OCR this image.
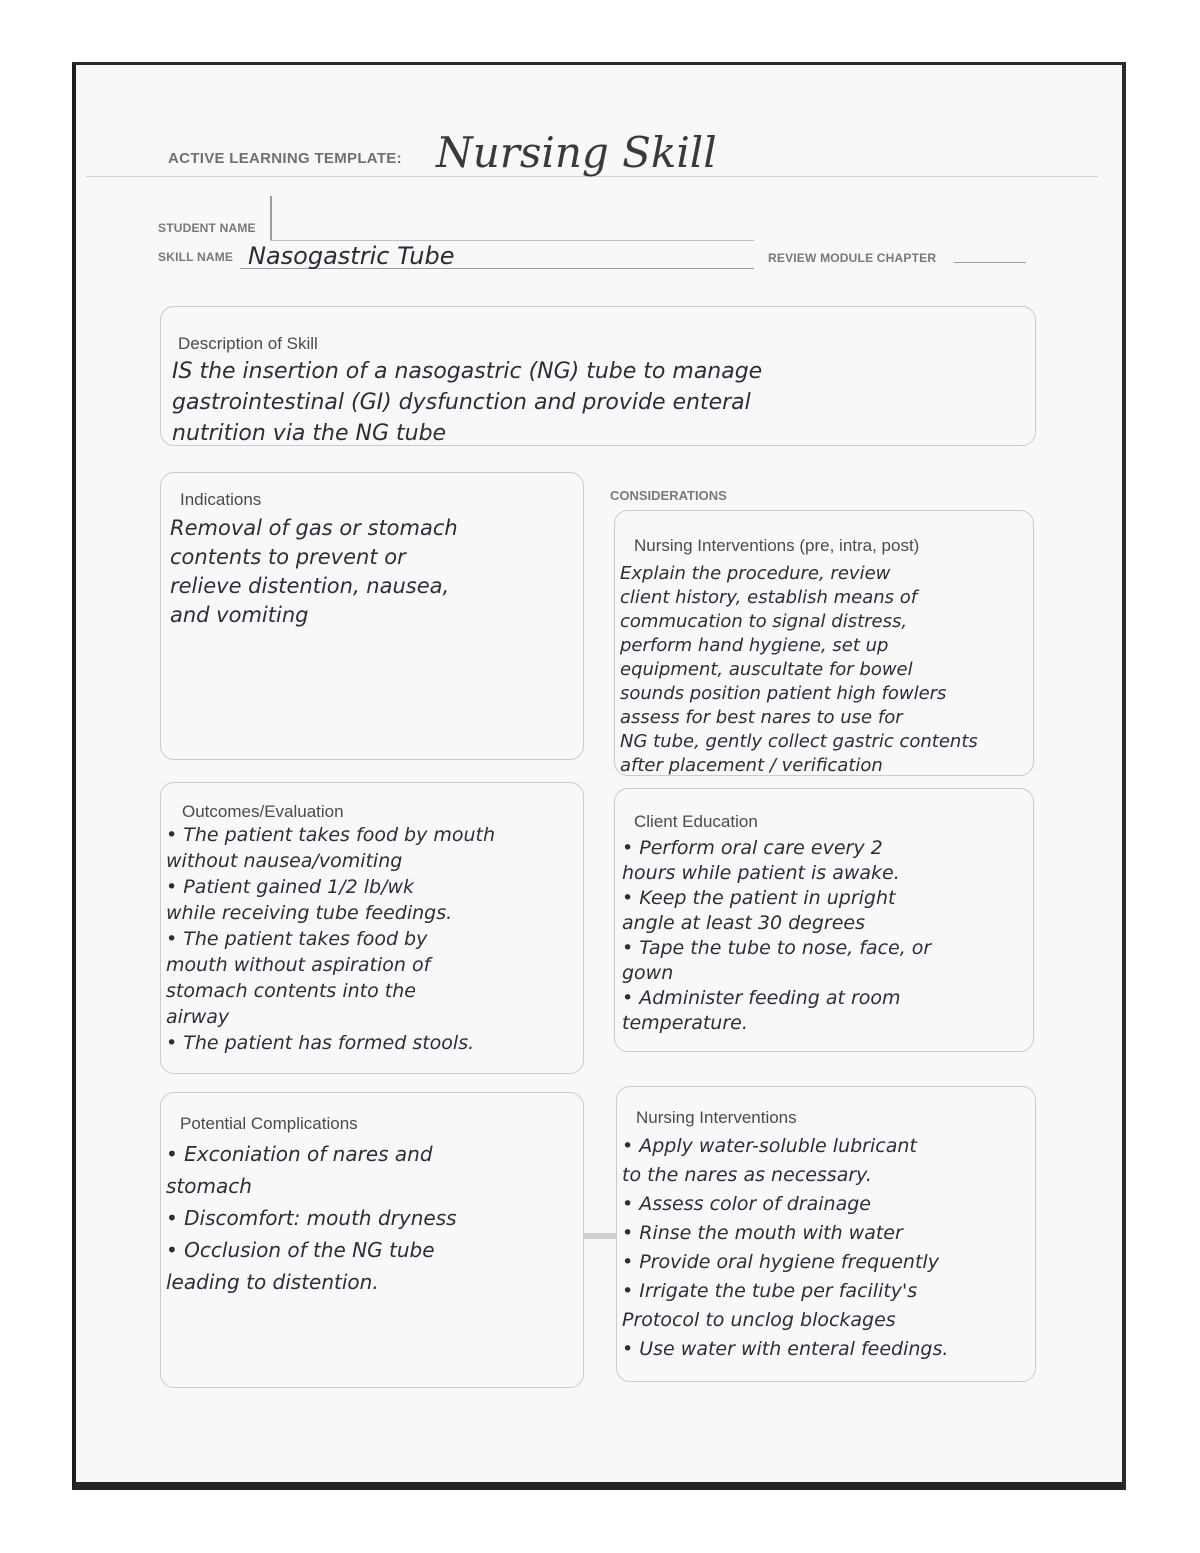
ACTIVE LEARNING TEMPLATE: Nursing Skill
STUDENT NAME
SKILL NAME Nasogastric Tube	REVIEW MODULE CHAPTER
Description of Skill
IS the insertion of a nasogastric (NG) tube to manage
gastrointestinal (GI) dysfunction and provide enteral
nutrition via the NG tube
Indications
Removal of gas or stomach
contents to prevent or
relieve distention, nausea,
and vomiting
CONSIDERATIONS
Nursing Interventions (pre, intra, post)
Explain the procedure, review
client history, establish means of
commucation to signal distress,
perform hand hygiene, set up
equipment, auscultate for bowel
sounds position patient high fowlers
assess for best nares to use for
NG tube, gently collect gastric contents
after placement / verification
Outcomes/Evaluation
• The patient takes food by mouth
without nausea/vomiting
• Patient gained 1/2 lb/wk
while receiving tube feedings.
• The patient takes food by
mouth without aspiration of
stomach contents into the
airway
• The patient has formed stools.
Client Education
• Perform oral care every 2
hours while patient is awake.
• Keep the patient in upright
angle at least 30 degrees
• Tape the tube to nose, face, or
gown
• Administer feeding at room
temperature.
Potential Complications
• Exconiation of nares and
stomach
• Discomfort: mouth dryness
• Occlusion of the NG tube
leading to distention.
Nursing Interventions
• Apply water-soluble lubricant
to the nares as necessary.
• Assess color of drainage
• Rinse the mouth with water
• Provide oral hygiene frequently
• Irrigate the tube per facility's
Protocol to unclog blockages
• Use water with enteral feedings.
